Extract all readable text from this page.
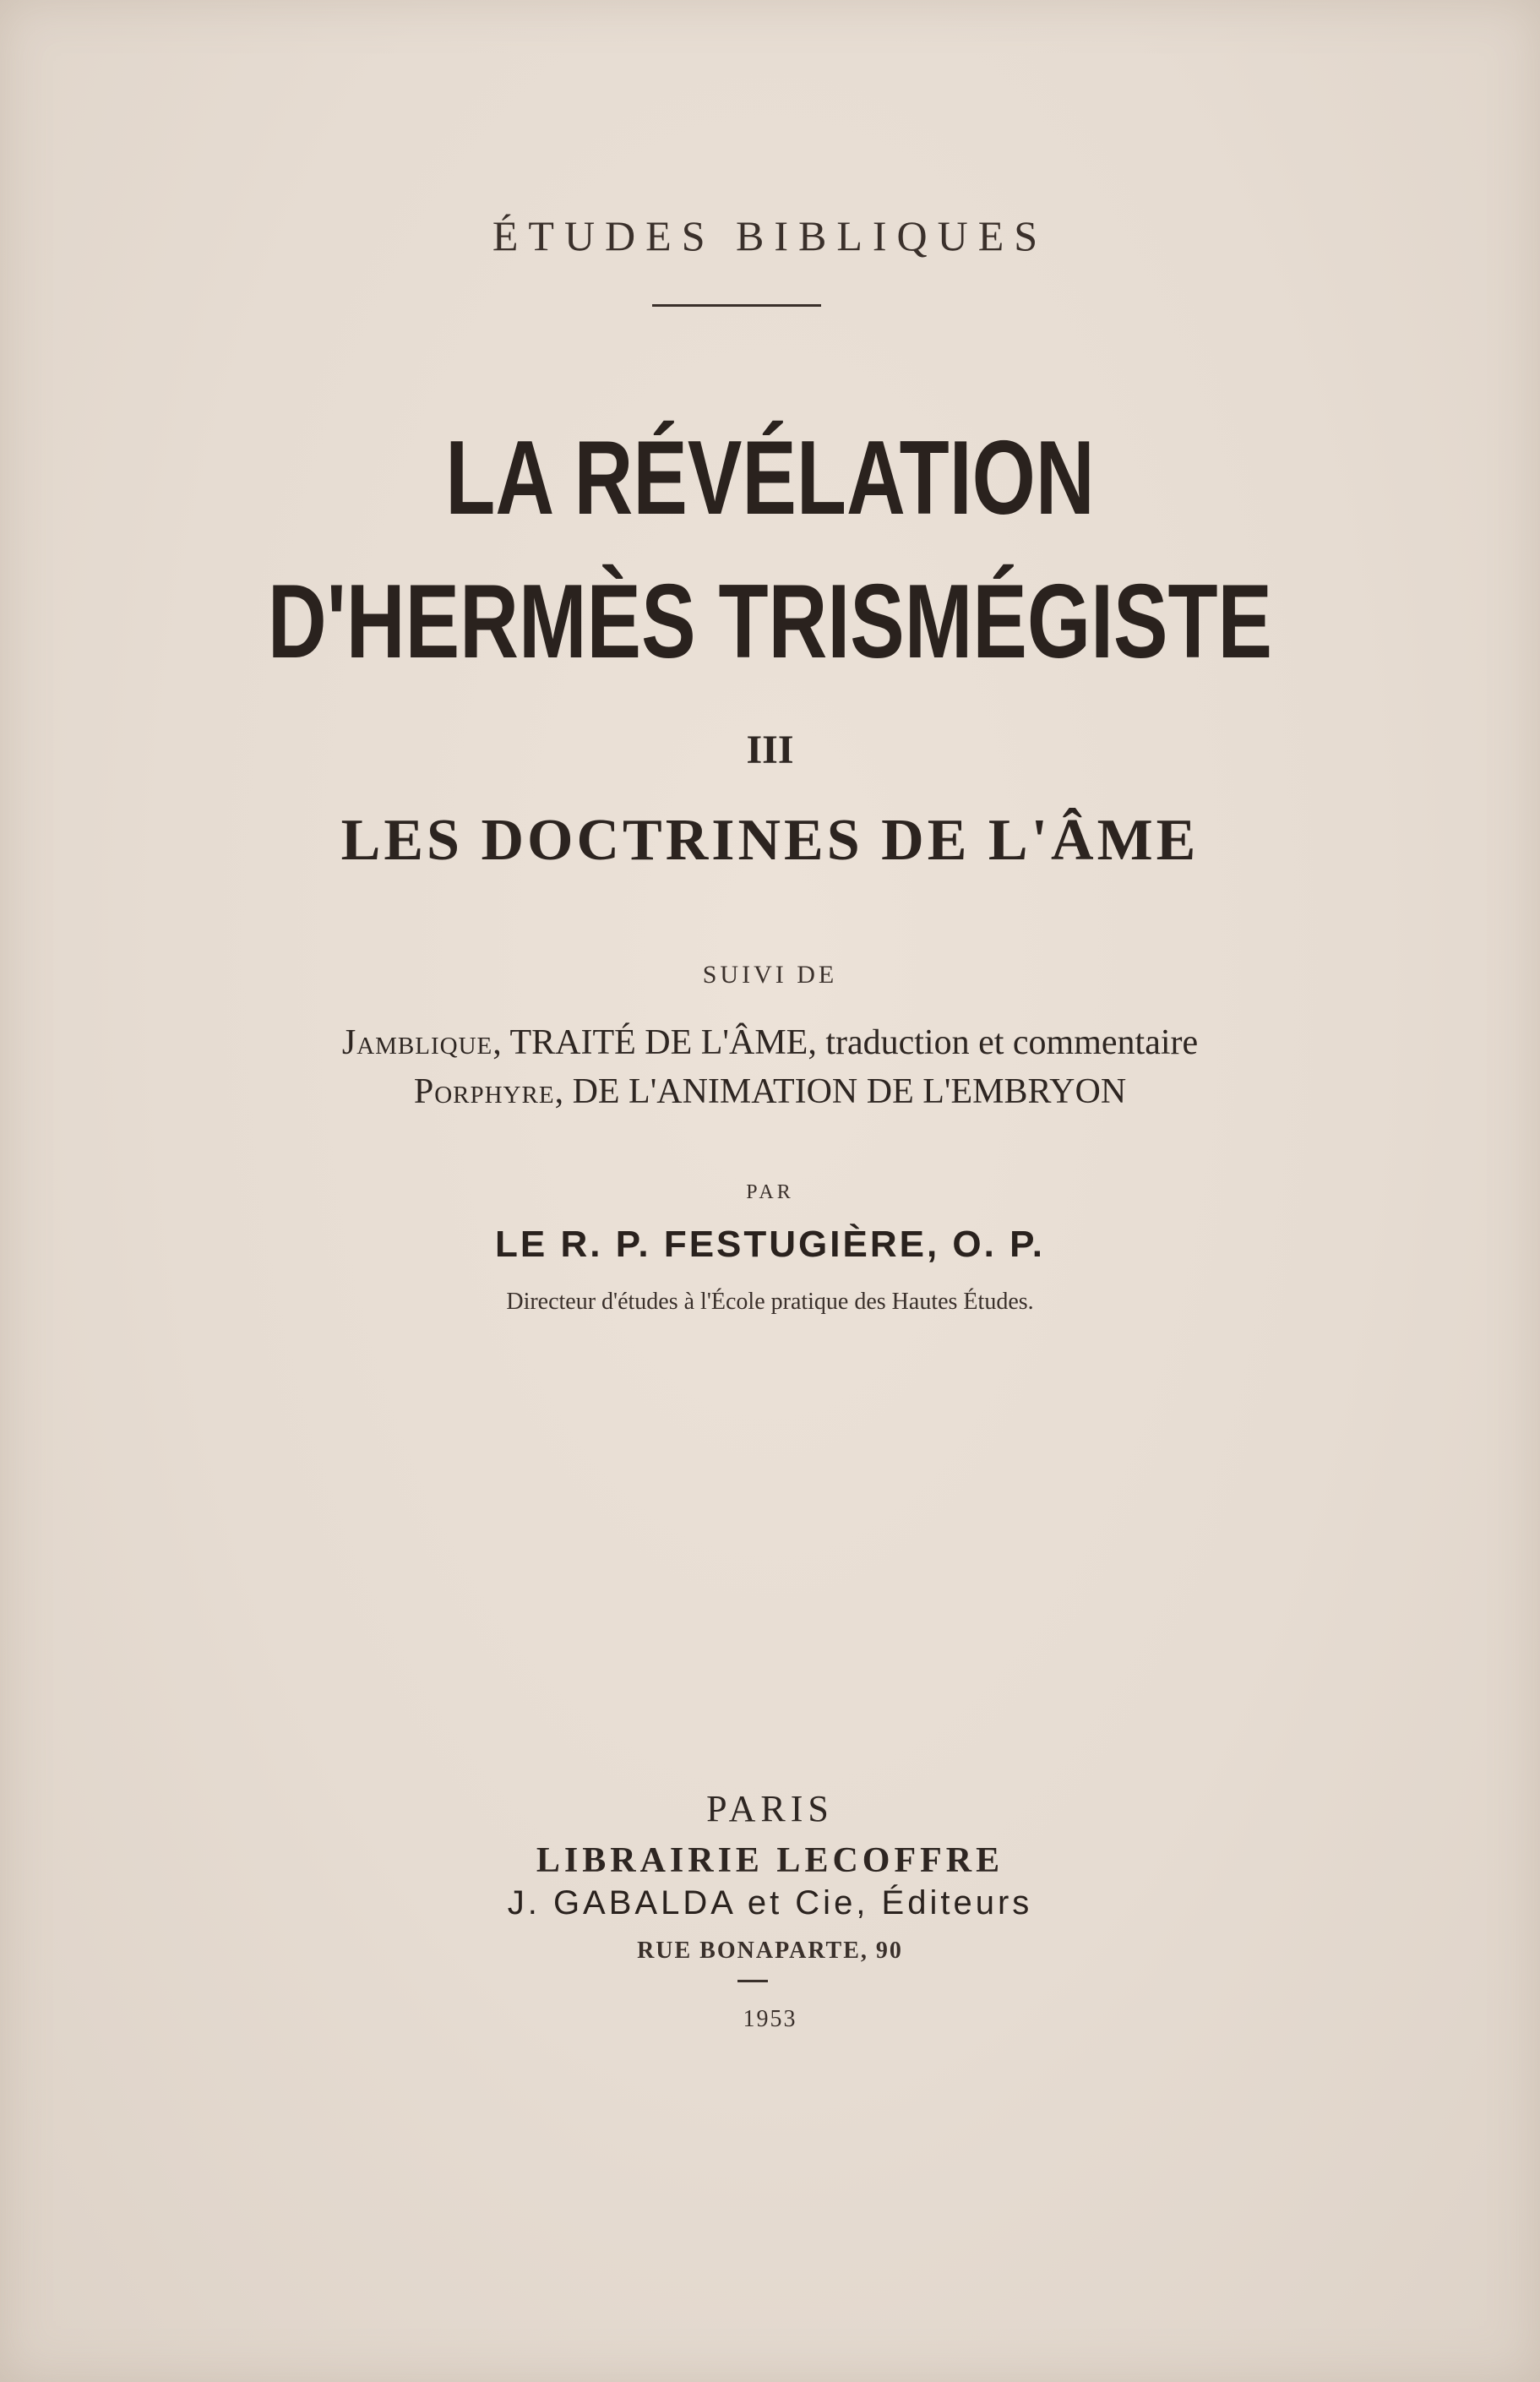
ÉTUDES BIBLIQUES
LA RÉVÉLATION
D'HERMÈS TRISMÉGISTE
III
LES DOCTRINES DE L'ÂME
SUIVI DE
Jamblique, TRAITÉ DE L'ÂME, traduction et commentaire
Porphyre, DE L'ANIMATION DE L'EMBRYON
PAR
LE R. P. FESTUGIÈRE, O. P.
Directeur d'études à l'École pratique des Hautes Études.
PARIS
LIBRAIRIE LECOFFRE
J. GABALDA et Cie, Éditeurs
RUE BONAPARTE, 90
1953
